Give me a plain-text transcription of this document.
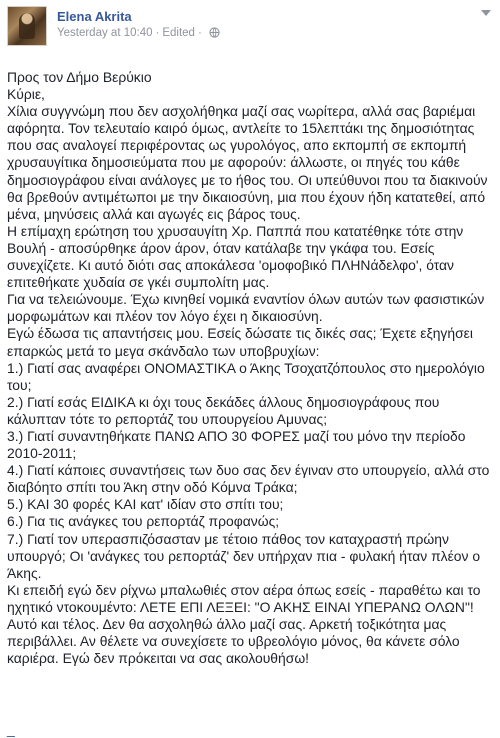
Elena Akrita
Yesterday at 10:40 · Edited ·

Προς τον Δήμο Βερύκιο

Κύριε,

Χίλια συγγνώμη που δεν ασχολήθηκα μαζί σας νωρίτερα, αλλά σας βαριέμαι αφόρητα. Τον τελευταίο καιρό όμως, αντλείτε το 15λεπτάκι της δημοσιότητας που σας αναλογεί περιφέροντας ως γυρολόγος, απο εκπομπή σε εκπομπή χρυσαυγίτικα δημοσιεύματα που με αφορούν: άλλωστε, οι πηγές του κάθε δημοσιογράφου είναι ανάλογες με το ήθος του. Οι υπεύθυνοι που τα διακινούν θα βρεθούν αντιμέτωποι με την δικαιοσύνη, μια που έχουν ήδη κατατεθεί, από μένα, μηνύσεις αλλά και αγωγές εις βάρος τους.

Η επίμαχη ερώτηση του χρυσαυγίτη Χρ. Παππά που κατατέθηκε τότε στην Βουλή - αποσύρθηκε άρον άρον, όταν κατάλαβε την γκάφα του. Εσείς συνεχίζετε. Κι αυτό διότι σας αποκάλεσα 'ομοφοβικό ΠΛΗΝάδελφο', όταν επιτεθήκατε χυδαία σε γκέι συμπολίτη μας.

Για να τελειώνουμε. Έχω κινηθεί νομικά εναντίον όλων αυτών των φασιστικών μορφωμάτων και πλέον τον λόγο έχει η δικαιοσύνη.

Εγώ έδωσα τις απαντήσεις μου. Εσείς δώσατε τις δικές σας; Έχετε εξηγήσει επαρκώς μετά το μεγα σκάνδαλο των υποβρυχίων:

1.) Γιατί σας αναφέρει ΟΝΟΜΑΣΤΙΚΑ ο Άκης Τσοχατζόπουλος στο ημερολόγιο του;

2.) Γιατί εσάς ΕΙΔΙΚΑ κι όχι τους δεκάδες άλλους δημοσιογράφους που κάλυπταν τότε το ρεπορτάζ του υπουργείου Αμυνας;

3.) Γιατί συναντηθήκατε ΠΑΝΩ ΑΠΟ 30 ΦΟΡΕΣ μαζί του μόνο την περίοδο 2010-2011;

4.) Γιατί κάποιες συναντήσεις των δυο σας δεν έγιναν στο υπουργείο, αλλά στο διαβόητο σπίτι του Άκη στην οδό Κόμνα Τράκα;

5.) ΚΑΙ 30 φορές ΚΑΙ κατ' ιδίαν στο σπίτι του;

6.) Για τις ανάγκες του ρεπορτάζ προφανώς;

7.) Γιατί τον υπερασπιζόσασταν με τέτοιο πάθος τον καταχραστή πρώην υπουργό; Οι 'ανάγκες του ρεπορτάζ' δεν υπήρχαν πια - φυλακή ήταν πλέον ο Άκης.

Κι επειδή εγώ δεν ρίχνω μπαλωθιές στον αέρα όπως εσείς - παραθέτω και το ηχητικό ντοκουμέντο: ΛΕΤΕ ΕΠΙ ΛΕΞΕΙ: "Ο ΑΚΗΣ ΕΙΝΑΙ ΥΠΕΡΑΝΩ ΟΛΩΝ"! Αυτό και τέλος. Δεν θα ασχοληθώ άλλο μαζί σας. Αρκετή τοξικότητα μας περιβάλλει. Αν θέλετε να συνεχίσετε το υβρεολόγιο μόνος, θα κάνετε σόλο καριέρα. Εγώ δεν πρόκειται να σας ακολουθήσω!

_
